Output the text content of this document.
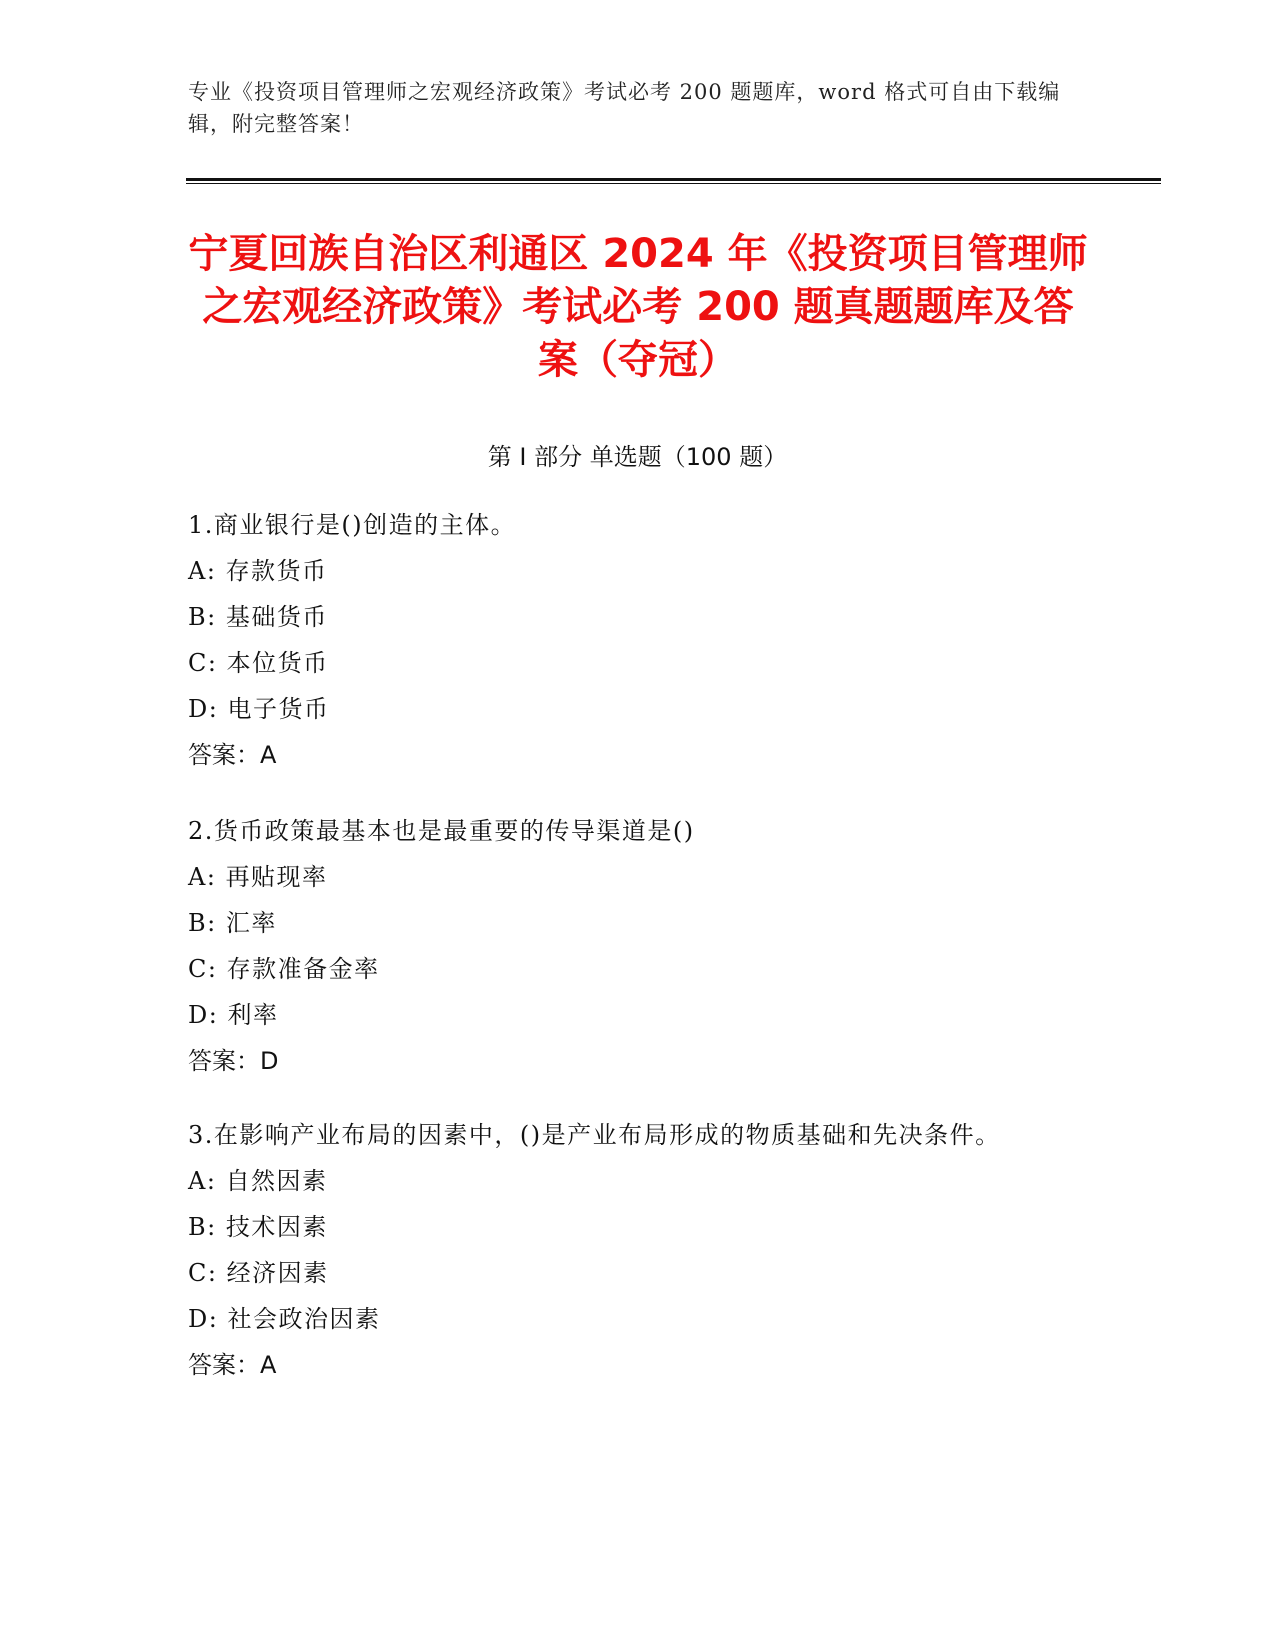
专业《投资项目管理师之宏观经济政策》考试必考 200 题题库，word 格式可自由下载编辑，附完整答案！
宁夏回族自治区利通区 2024 年《投资项目管理师之宏观经济政策》考试必考 200 题真题题库及答案（夺冠）
第 I 部分 单选题（100 题）

1.商业银行是()创造的主体。

A: 存款货币

B: 基础货币

C: 本位货币

D: 电子货币

答案：A

2.货币政策最基本也是最重要的传导渠道是()

A: 再贴现率

B: 汇率

C: 存款准备金率

D: 利率

答案：D

3.在影响产业布局的因素中，()是产业布局形成的物质基础和先决条件。

A: 自然因素

B: 技术因素

C: 经济因素

D: 社会政治因素

答案：A
